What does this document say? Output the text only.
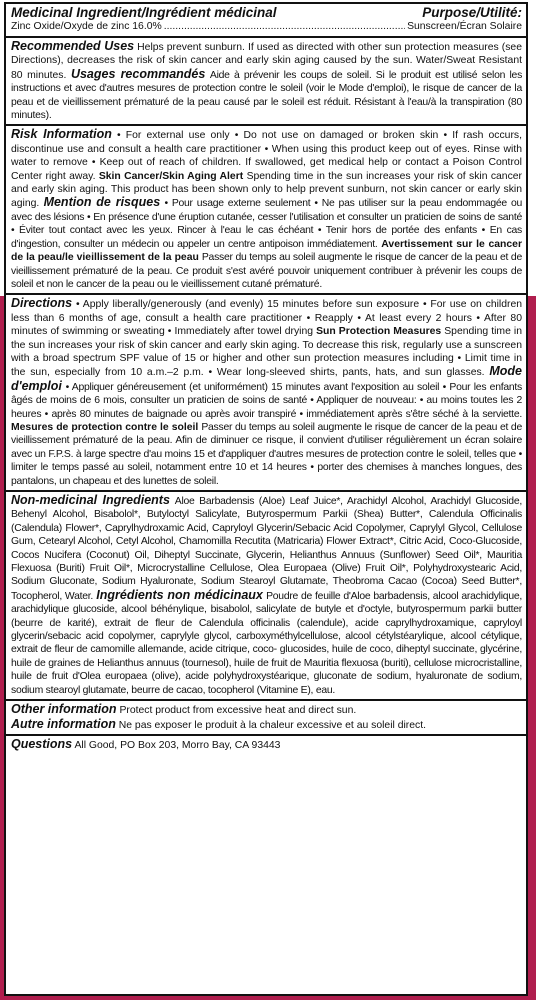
Medicinal Ingredient/Ingrédient médicinal	Purpose/Utilité:
Zinc Oxide/Oxyde de zinc 16.0%
.....	Sunscreen/Écran Solaire
Recommended Uses Helps prevent sunburn. If used as directed with other sun protection measures (see Directions), decreases the risk of skin cancer and early skin aging caused by the sun. Water/Sweat Resistant 80 minutes. Usages recommandés Aide à prévenir les coups de soleil. Si le produit est utilisé selon les instructions et avec d'autres mesures de protection contre le soleil (voir le Mode d'emploi), le risque de cancer de la peau et de vieillissement prématuré de la peau causé par le soleil est réduit. Résistant à l'eau/à la transpiration (80 minutes).
Risk Information • For external use only • Do not use on damaged or broken skin • If rash occurs, discontinue use and consult a health care practitioner • When using this product keep out of eyes. Rinse with water to remove • Keep out of reach of children. If swallowed, get medical help or contact a Poison Control Center right away. Skin Cancer/Skin Aging Alert Spending time in the sun increases your risk of skin cancer and early skin aging. This product has been shown only to help prevent sunburn, not skin cancer or early skin aging. Mention de risques • Pour usage externe seulement • Ne pas utiliser sur la peau endommagée ou avec des lésions • En présence d'une éruption cutanée, cesser l'utilisation et consulter un praticien de soins de santé • Éviter tout contact avec les yeux. Rincer à l'eau le cas échéant • Tenir hors de portée des enfants • En cas d'ingestion, consulter un médecin ou appeler un centre antipoison immédiatement. Avertissement sur le cancer de la peau/le vieillissement de la peau Passer du temps au soleil augmente le risque de cancer de la peau et de vieillissement prématuré de la peau. Ce produit s'est avéré pouvoir uniquement contribuer à prévenir les coups de soleil et non le cancer de la peau ou le vieillissement cutané prématuré.
Directions • Apply liberally/generously (and evenly) 15 minutes before sun exposure • For use on children less than 6 months of age, consult a health care practitioner • Reapply • At least every 2 hours • After 80 minutes of swimming or sweating • Immediately after towel drying Sun Protection Measures Spending time in the sun increases your risk of skin cancer and early skin aging. To decrease this risk, regularly use a sunscreen with a broad spectrum SPF value of 15 or higher and other sun protection measures including • Limit time in the sun, especially from 10 a.m.–2 p.m. • Wear long-sleeved shirts, pants, hats, and sun glasses. Mode d'emploi • Appliquer généreusement (et uniformément) 15 minutes avant l'exposition au soleil • Pour les enfants âgés de moins de 6 mois, consulter un praticien de soins de santé • Appliquer de nouveau: • au moins toutes les 2 heures • après 80 minutes de baignade ou après avoir transpiré • immédiatement après s'être séché à la serviette. Mesures de protection contre le soleil Passer du temps au soleil augmente le risque de cancer de la peau et de vieillissement prématuré de la peau. Afin de diminuer ce risque, il convient d'utiliser régulièrement un écran solaire avec un F.P.S. à large spectre d'au moins 15 et d'appliquer d'autres mesures de protection contre le soleil, telles que • limiter le temps passé au soleil, notamment entre 10 et 14 heures • porter des chemises à manches longues, des pantalons, un chapeau et des lunettes de soleil.
Non-medicinal Ingredients Aloe Barbadensis (Aloe) Leaf Juice*, Arachidyl Alcohol, Arachidyl Glucoside, Behenyl Alcohol, Bisabolol*, Butyloctyl Salicylate, Butyrospermum Parkii (Shea) Butter*, Calendula Officinalis (Calendula) Flower*, Caprylhydroxamic Acid, Capryloyl Glycerin/Sebacic Acid Copolymer, Caprylyl Glycol, Cellulose Gum, Cetearyl Alcohol, Cetyl Alcohol, Chamomilla Recutita (Matricaria) Flower Extract*, Citric Acid, Coco-Glucoside, Cocos Nucifera (Coconut) Oil, Diheptyl Succinate, Glycerin, Helianthus Annuus (Sunflower) Seed Oil*, Mauritia Flexuosa (Buriti) Fruit Oil*, Microcrystalline Cellulose, Olea Europaea (Olive) Fruit Oil*, Polyhydroxystearic Acid, Sodium Gluconate, Sodium Hyaluronate, Sodium Stearoyl Glutamate, Theobroma Cacao (Cocoa) Seed Butter*, Tocopherol, Water. Ingrédients non médicinaux Poudre de feuille d'Aloe barbadensis, alcool arachidylique, arachidylique glucoside, alcool béhénylique, bisabolol, salicylate de butyle et d'octyle, butyrospermum parkii butter (beurre de karité), extrait de fleur de Calendula officinalis (calendule), acide caprylhydroxamique, capryloyl glycerin/sebacic acid copolymer, caprylyle glycol, carboxyméthylcellulose, alcool cétylstéarylique, alcool cétylique, extrait de fleur de camomille allemande, acide citrique, coco- glucosides, huile de coco, diheptyl succinate, glycérine, huile de graines de Helianthus annuus (tournesol), huile de fruit de Mauritia flexuosa (buriti), cellulose microcristalline, huile de fruit d'Olea europaea (olive), acide polyhydroxystéarique, gluconate de sodium, hyaluronate de sodium, sodium stearoyl glutamate, beurre de cacao, tocopherol (Vitamine E), eau.
Other information Protect product from excessive heat and direct sun.
Autre information Ne pas exposer le produit à la chaleur excessive et au soleil direct.
Questions All Good, PO Box 203, Morro Bay, CA 93443
